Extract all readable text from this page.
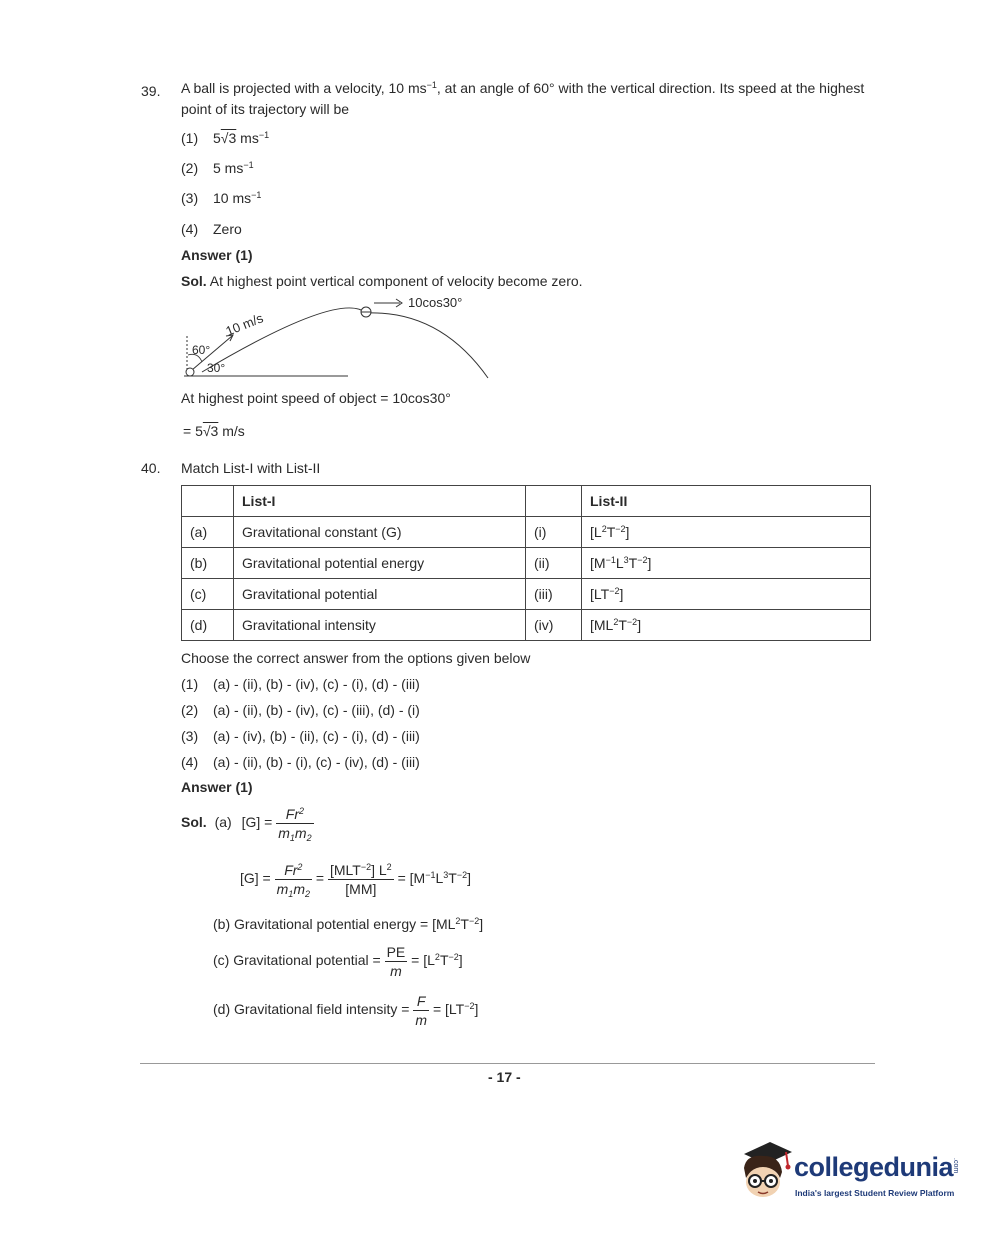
39. A ball is projected with a velocity, 10 $ms^{-1}$, at an angle of 60° with the vertical direction. Its speed at the highest
point of its trajectory will be
(1) 5√3 $ms^{-1}$
(2) 5 $ms^{-1}$
(3) 10 $ms^{-1}$
(4) Zero
Answer (1)
Sol. At highest point vertical component of velocity become zero.
10cos30°
10 m/s
60°
30°
At highest point speed of object = 10cos30°
= 5√3 m/s
40. Match List-I with List-II
	List-I		List-II
(a)	Gravitational constant (G)	(i)	$[L^2T^{-2}]$
(b)	Gravitational potential energy	(ii)	$[M^{-1}L^3T^{-2}]$
(c)	Gravitational potential	(iii)	$[LT^{-2}]$
(d)	Gravitational intensity	(iv)	$[ML^2T^{-2}]$
Choose the correct answer from the options given below
(1) (a) - (ii), (b) - (iv), (c) - (i), (d) - (iii)
(2) (a) - (ii), (b) - (iv), (c) - (iii), (d) - (i)
(3) (a) - (iv), (b) - (ii), (c) - (i), (d) - (iii)
(4) (a) - (ii), (b) - (i), (c) - (iv), (d) - (iii)
Answer (1)
Sol. (a) $[G] = \frac{Fr^2}{m_1m_2}$
$[G] = \frac{Fr^2}{m_1m_2} = \frac{[MLT^{-2}] L^2}{[MM]} = [M^{-1}L^3T^{-2}]$
(b) Gravitational potential energy = $[ML^2T^{-2}]$
(c) Gravitational potential = $\frac{PE}{m} = [L^2T^{-2}]$
(d) Gravitational field intensity = $\frac{F}{m} = [LT^{-2}]$
- 17 -
collegedunia
.com
India's largest Student Review Platform
